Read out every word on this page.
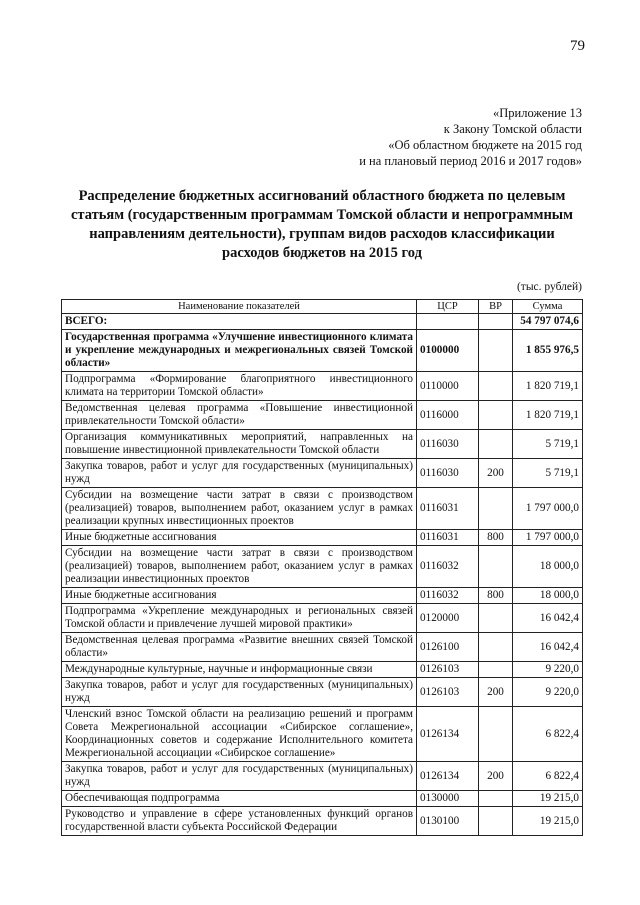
79
«Приложение 13
к Закону Томской области
«Об областном бюджете на 2015 год
и на плановый период 2016 и 2017 годов»
Распределение бюджетных ассигнований областного бюджета по целевым
статьям (государственным программам Томской области и непрограммным
направлениям деятельности), группам видов расходов классификации
расходов бюджетов на 2015 год
(тыс. рублей)
Наименование показателей	ЦСР	ВР	Сумма
ВСЕГО:			54 797 074,6
Государственная программа «Улучшение инвестиционного климата и укрепление международных и межрегиональных связей Томской области»	0100000		1 855 976,5
Подпрограмма «Формирование благоприятного инвестиционного климата на территории Томской области»	0110000		1 820 719,1
Ведомственная целевая программа «Повышение инвестиционной привлекательности Томской области»	0116000		1 820 719,1
Организация коммуникативных мероприятий, направленных на повышение инвестиционной привлекательности Томской области	0116030		5 719,1
Закупка товаров, работ и услуг для государственных (муниципальных) нужд	0116030	200	5 719,1
Субсидии на возмещение части затрат в связи с производством (реализацией) товаров, выполнением работ, оказанием услуг в рамках реализации крупных инвестиционных проектов	0116031		1 797 000,0
Иные бюджетные ассигнования	0116031	800	1 797 000,0
Субсидии на возмещение части затрат в связи с производством (реализацией) товаров, выполнением работ, оказанием услуг в рамках реализации инвестиционных проектов	0116032		18 000,0
Иные бюджетные ассигнования	0116032	800	18 000,0
Подпрограмма «Укрепление международных и региональных связей Томской области и привлечение лучшей мировой практики»	0120000		16 042,4
Ведомственная целевая программа «Развитие внешних связей Томской области»	0126100		16 042,4
Международные культурные, научные и информационные связи	0126103		9 220,0
Закупка товаров, работ и услуг для государственных (муниципальных) нужд	0126103	200	9 220,0
Членский взнос Томской области на реализацию решений и программ Совета Межрегиональной ассоциации «Сибирское соглашение», Координационных советов и содержание Исполнительного комитета Межрегиональной ассоциации «Сибирское соглашение»	0126134		6 822,4
Закупка товаров, работ и услуг для государственных (муниципальных) нужд	0126134	200	6 822,4
Обеспечивающая подпрограмма	0130000		19 215,0
Руководство и управление в сфере установленных функций органов государственной власти субъекта Российской Федерации	0130100		19 215,0
